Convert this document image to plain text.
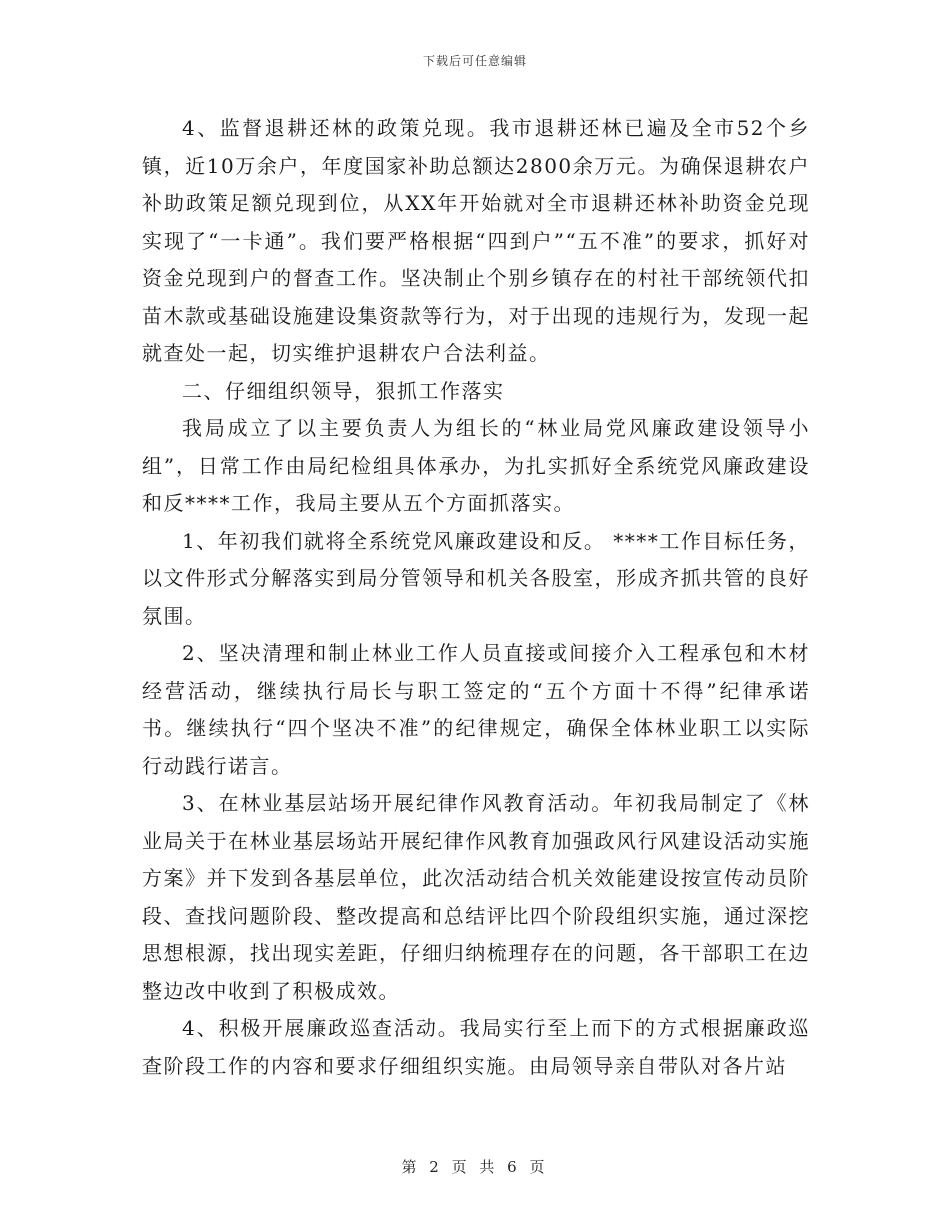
下载后可任意编辑

4、监督退耕还林的政策兑现。我市退耕还林已遍及全市52个乡镇，近10万余户，年度国家补助总额达2800余万元。为确保退耕农户补助政策足额兑现到位，从XX年开始就对全市退耕还林补助资金兑现实现了“一卡通”。我们要严格根据“四到户”“五不准”的要求，抓好对资金兑现到户的督查工作。坚决制止个别乡镇存在的村社干部统领代扣苗木款或基础设施建设集资款等行为，对于出现的违规行为，发现一起就查处一起，切实维护退耕农户合法利益。

二、仔细组织领导，狠抓工作落实

我局成立了以主要负责人为组长的“林业局党风廉政建设领导小组”，日常工作由局纪检组具体承办，为扎实抓好全系统党风廉政建设和反****工作，我局主要从五个方面抓落实。

1、年初我们就将全系统党风廉政建设和反。 ****工作目标任务，以文件形式分解落实到局分管领导和机关各股室，形成齐抓共管的良好氛围。

2、坚决清理和制止林业工作人员直接或间接介入工程承包和木材经营活动，继续执行局长与职工签定的“五个方面十不得”纪律承诺书。继续执行“四个坚决不准”的纪律规定，确保全体林业职工以实际行动践行诺言。

3、在林业基层站场开展纪律作风教育活动。年初我局制定了《林业局关于在林业基层场站开展纪律作风教育加强政风行风建设活动实施方案》并下发到各基层单位，此次活动结合机关效能建设按宣传动员阶段、查找问题阶段、整改提高和总结评比四个阶段组织实施，通过深挖思想根源，找出现实差距，仔细归纳梳理存在的问题，各干部职工在边整边改中收到了积极成效。

4、积极开展廉政巡查活动。我局实行至上而下的方式根据廉政巡查阶段工作的内容和要求仔细组织实施。由局领导亲自带队对各片站

第 2 页 共 6 页
